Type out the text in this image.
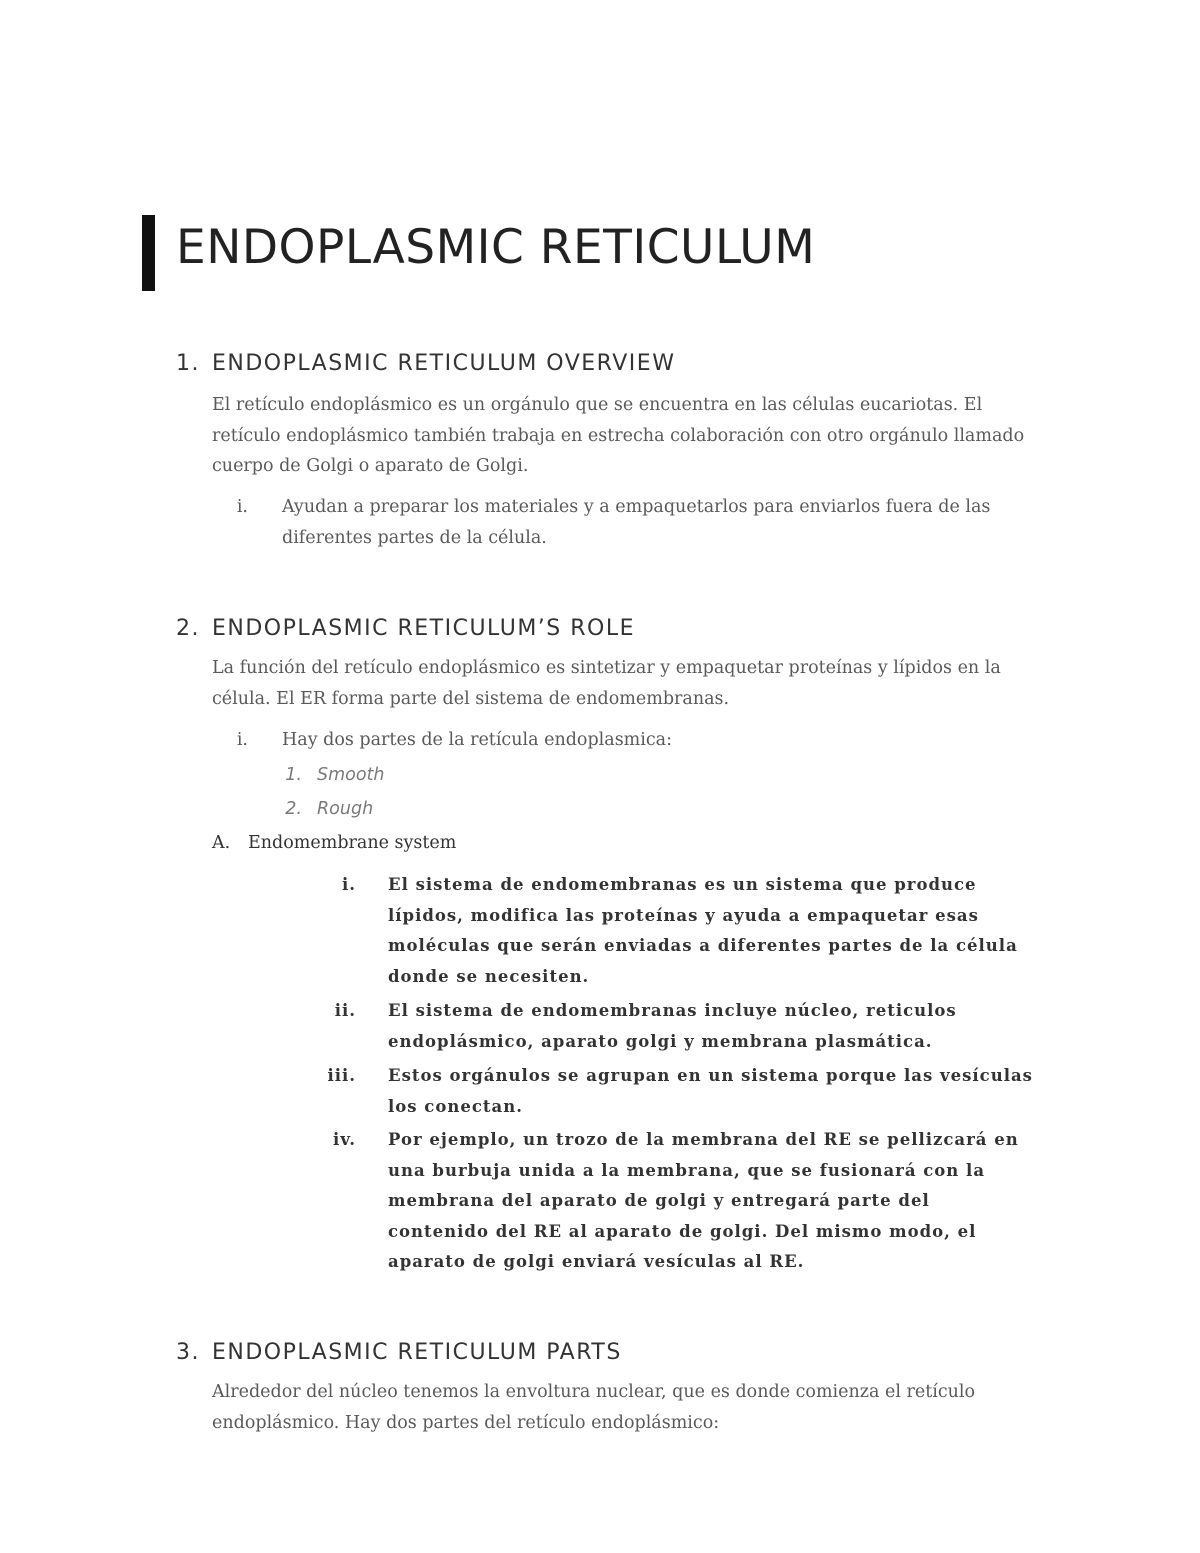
ENDOPLASMIC RETICULUM
1. ENDOPLASMIC RETICULUM OVERVIEW
El retículo endoplásmico es un orgánulo que se encuentra en las células eucariotas. El retículo endoplásmico también trabaja en estrecha colaboración con otro orgánulo llamado cuerpo de Golgi o aparato de Golgi.
i. Ayudan a preparar los materiales y a empaquetarlos para enviarlos fuera de las diferentes partes de la célula.
2. ENDOPLASMIC RETICULUM’S ROLE
La función del retículo endoplásmico es sintetizar y empaquetar proteínas y lípidos en la célula. El ER forma parte del sistema de endomembranas.
i. Hay dos partes de la retícula endoplasmica:
1. Smooth
2. Rough
A. Endomembrane system
i. El sistema de endomembranas es un sistema que produce lípidos, modifica las proteínas y ayuda a empaquetar esas moléculas que serán enviadas a diferentes partes de la célula donde se necesiten.
ii. El sistema de endomembranas incluye núcleo, reticulos endoplásmico, aparato golgi y membrana plasmática.
iii. Estos orgánulos se agrupan en un sistema porque las vesículas los conectan.
iv. Por ejemplo, un trozo de la membrana del RE se pellizcará en una burbuja unida a la membrana, que se fusionará con la membrana del aparato de golgi y entregará parte del contenido del RE al aparato de golgi. Del mismo modo, el aparato de golgi enviará vesículas al RE.
3. ENDOPLASMIC RETICULUM PARTS
Alrededor del núcleo tenemos la envoltura nuclear, que es donde comienza el retículo endoplásmico. Hay dos partes del retículo endoplásmico:
